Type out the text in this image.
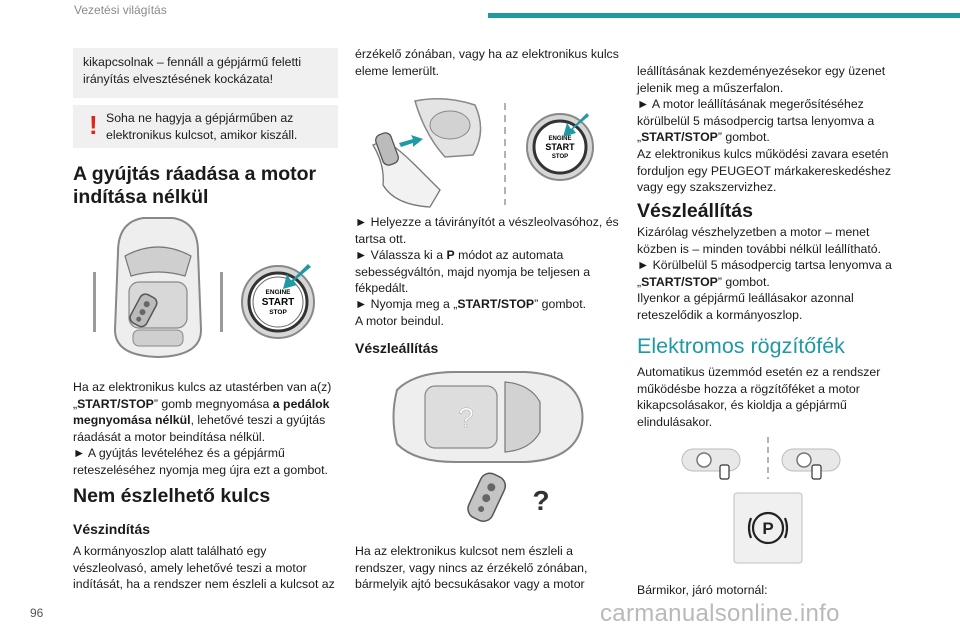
Vezetési világítás

kikapcsolnak – fennáll a gépjármű feletti irányítás elvesztésének kockázata!

! Soha ne hagyja a gépjárműben az elektronikus kulcsot, amikor kiszáll.

A gyújtás ráadása a motor indítása nélkül

ENGINE
START
STOP

Ha az elektronikus kulcs az utastérben van a(z) „START/STOP” gomb megnyomása a pedálok megnyomása nélkül, lehetővé teszi a gyújtás ráadását a motor beindítása nélkül.

► A gyújtás levételéhez és a gépjármű reteszeléséhez nyomja meg újra ezt a gombot.

Nem észlelhető kulcs

Vészindítás

A kormányoszlop alatt található egy vészleolvasó, amely lehetővé teszi a motor indítását, ha a rendszer nem észleli a kulcsot az

érzékelő zónában, vagy ha az elektronikus kulcs eleme lemerült.

ENGINE
START
STOP

► Helyezze a távirányítót a vészleolvasóhoz, és tartsa ott.

► Válassza ki a P módot az automata sebességváltón, majd nyomja be teljesen a fékpedált.

► Nyomja meg a „START/STOP” gombot.

A motor beindul.

Vészleállítás

?
?

Ha az elektronikus kulcsot nem észleli a rendszer, vagy nincs az érzékelő zónában, bármelyik ajtó becsukásakor vagy a motor

leállításának kezdeményezésekor egy üzenet jelenik meg a műszerfalon.

► A motor leállításának megerősítéséhez körülbelül 5 másodpercig tartsa lenyomva a „START/STOP” gombot.

Az elektronikus kulcs működési zavara esetén forduljon egy PEUGEOT márkakereskedéshez vagy egy szakszervizhez.

Vészleállítás

Kizárólag vészhelyzetben a motor – menet közben is – minden további nélkül leállítható.

► Körülbelül 5 másodpercig tartsa lenyomva a „START/STOP” gombot.

Ilyenkor a gépjármű leállásakor azonnal reteszelődik a kormányoszlop.

Elektromos rögzítőfék

Automatikus üzemmód esetén ez a rendszer működésbe hozza a rögzítőféket a motor kikapcsolásakor, és kioldja a gépjármű elindulásakor.

P

Bármikor, járó motornál:

96	carmanualsonline.info
